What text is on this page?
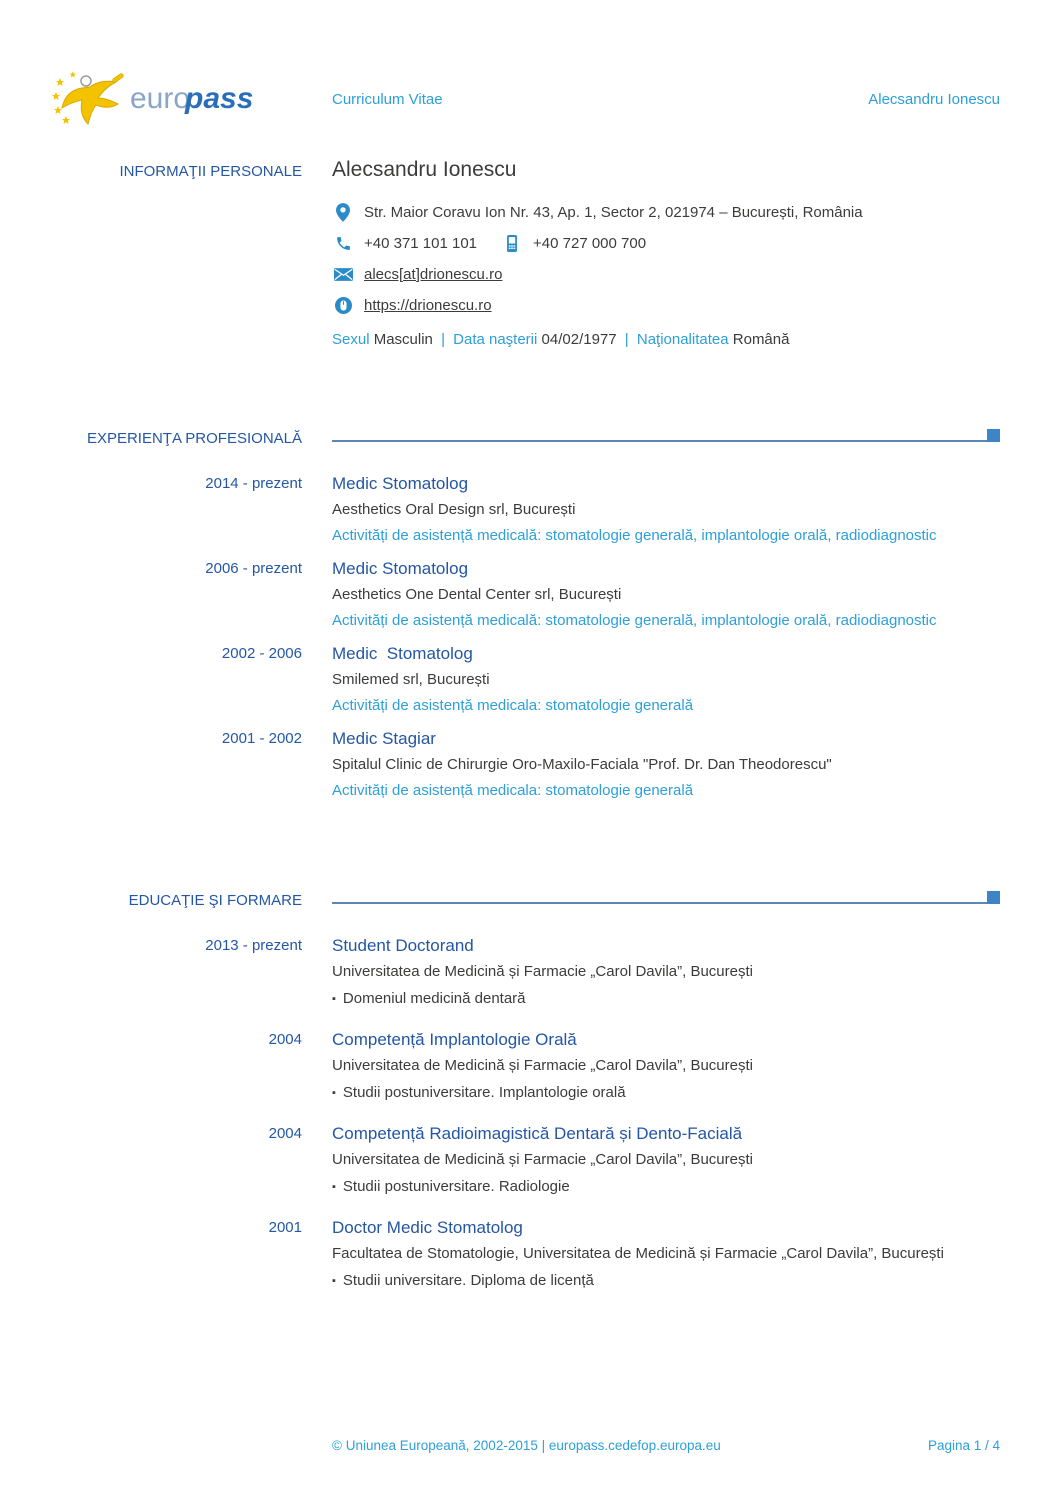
euro
pass	Curriculum Vitae	Alecsandru Ionescu
INFORMAŢII PERSONALE Alecsandru Ionescu
Str. Maior Coravu Ion Nr. 43, Ap. 1, Sector 2, 021974 – București, România
+40 371 101 101	+40 727 000 700
alecs[at]drionescu.ro
https://drionescu.ro
Sexul Masculin | Data naşterii 04/02/1977 | Naţionalitatea Română
EXPERIENŢA PROFESIONALĂ
2014 - prezent Medic Stomatolog
Aesthetics Oral Design srl, București
Activități de asistență medicală: stomatologie generală, implantologie orală, radiodiagnostic
2006 - prezent Medic Stomatolog
Aesthetics One Dental Center srl, București
Activități de asistență medicală: stomatologie generală, implantologie orală, radiodiagnostic
2002 - 2006 Medic  Stomatolog
Smilemed srl, București
Activități de asistență medicala: stomatologie generală
2001 - 2002 Medic Stagiar
Spitalul Clinic de Chirurgie Oro-Maxilo-Faciala "Prof. Dr. Dan Theodorescu"
Activități de asistență medicala: stomatologie generală
EDUCAŢIE ŞI FORMARE
2013 - prezent Student Doctorand
Universitatea de Medicină și Farmacie „Carol Davila”, București
▪ Domeniul medicină dentară
2004 Competență Implantologie Orală
Universitatea de Medicină și Farmacie „Carol Davila”, București
▪ Studii postuniversitare. Implantologie orală
2004 Competență Radioimagistică Dentară și Dento-Facială
Universitatea de Medicină și Farmacie „Carol Davila”, București
▪ Studii postuniversitare. Radiologie
2001 Doctor Medic Stomatolog
Facultatea de Stomatologie, Universitatea de Medicină și Farmacie „Carol Davila”, București
▪ Studii universitare. Diploma de licență
© Uniunea Europeană, 2002-2015 | europass.cedefop.europa.eu	Pagina 1 / 4
